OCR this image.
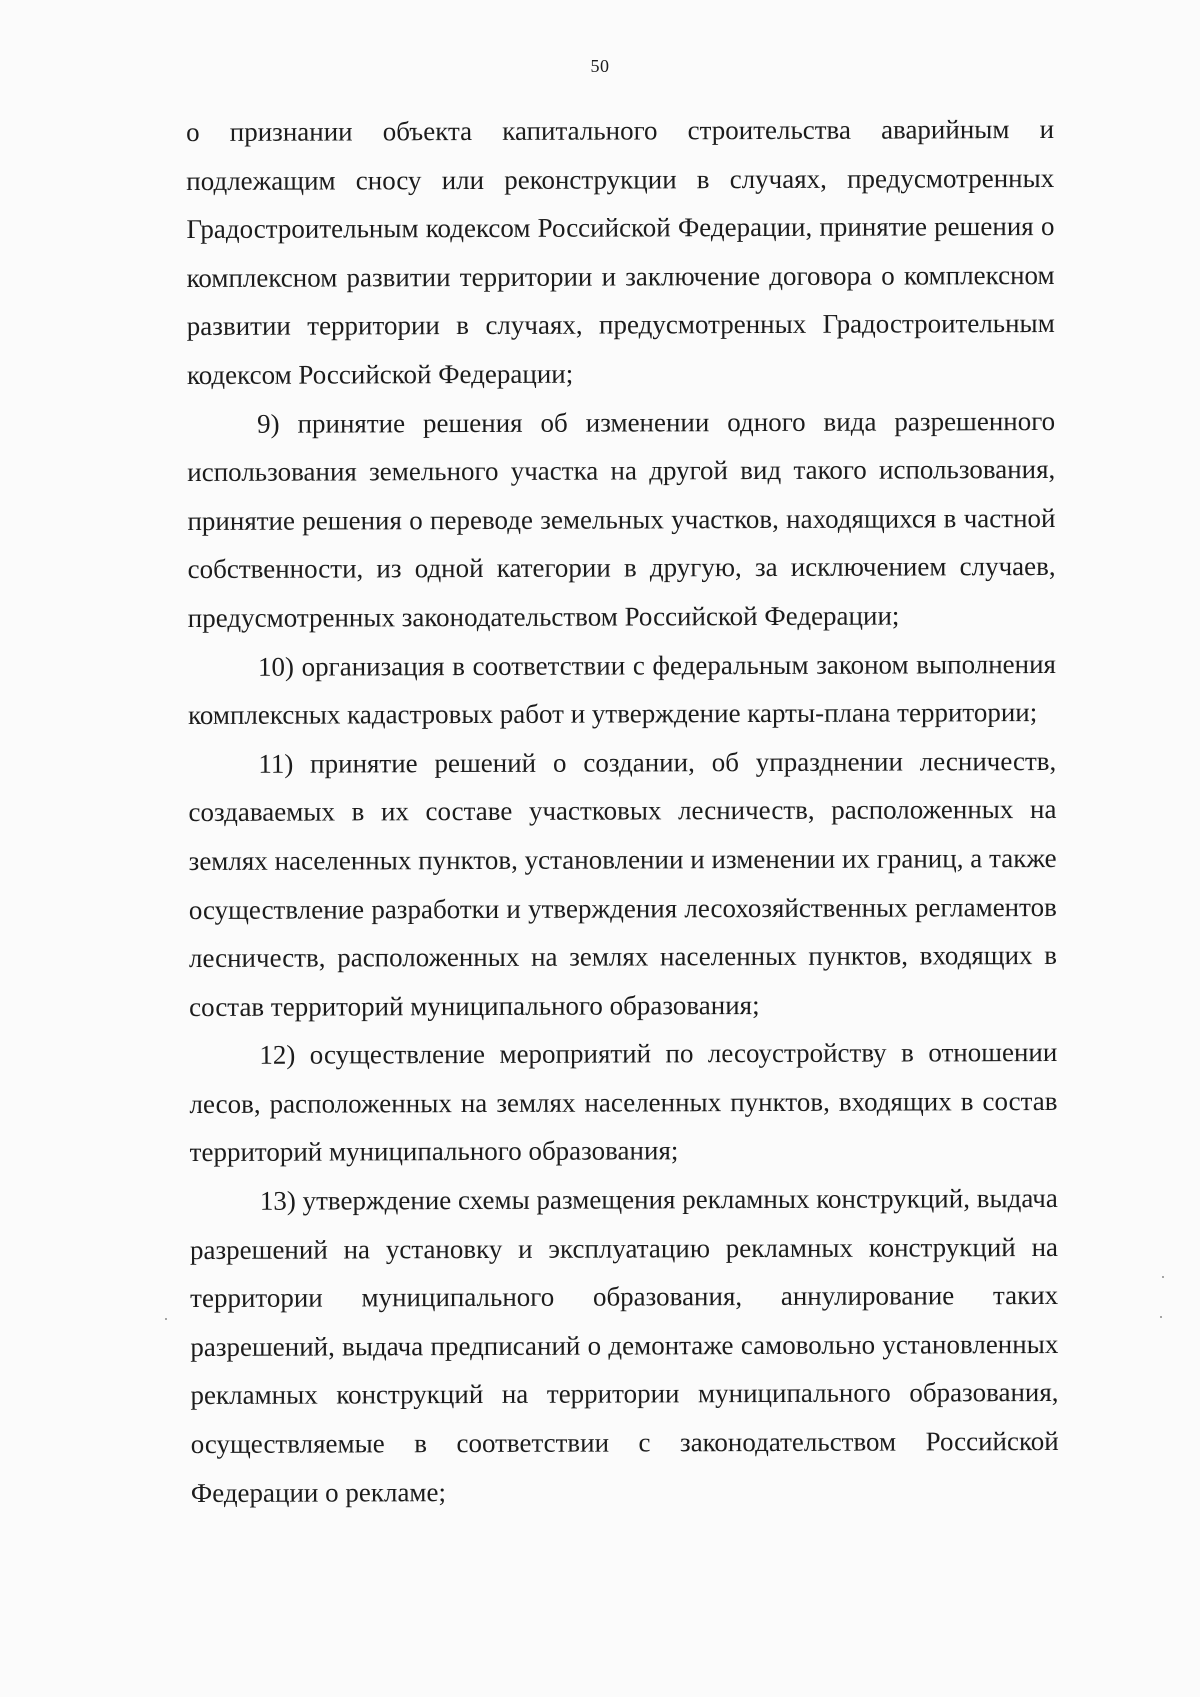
50

о признании объекта капитального строительства аварийным и подлежащим сносу или реконструкции в случаях, предусмотренных Градостроительным кодексом Российской Федерации, принятие решения о комплексном развитии территории и заключение договора о комплексном развитии территории в случаях, предусмотренных Градостроительным кодексом Российской Федерации;

9) принятие решения об изменении одного вида разрешенного использования земельного участка на другой вид такого использования, принятие решения о переводе земельных участков, находящихся в частной собственности, из одной категории в другую, за исключением случаев, предусмотренных законодательством Российской Федерации;

10) организация в соответствии с федеральным законом выполнения комплексных кадастровых работ и утверждение карты-плана территории;

11) принятие решений о создании, об упразднении лесничеств, создаваемых в их составе участковых лесничеств, расположенных на землях населенных пунктов, установлении и изменении их границ, а также осуществление разработки и утверждения лесохозяйственных регламентов лесничеств, расположенных на землях населенных пунктов, входящих в состав территорий муниципального образования;

12) осуществление мероприятий по лесоустройству в отношении лесов, расположенных на землях населенных пунктов, входящих в состав территорий муниципального образования;

13) утверждение схемы размещения рекламных конструкций, выдача разрешений на установку и эксплуатацию рекламных конструкций на территории муниципального образования, аннулирование таких разрешений, выдача предписаний о демонтаже самовольно установленных рекламных конструкций на территории муниципального образования, осуществляемые в соответствии с законодательством Российской Федерации о рекламе;
